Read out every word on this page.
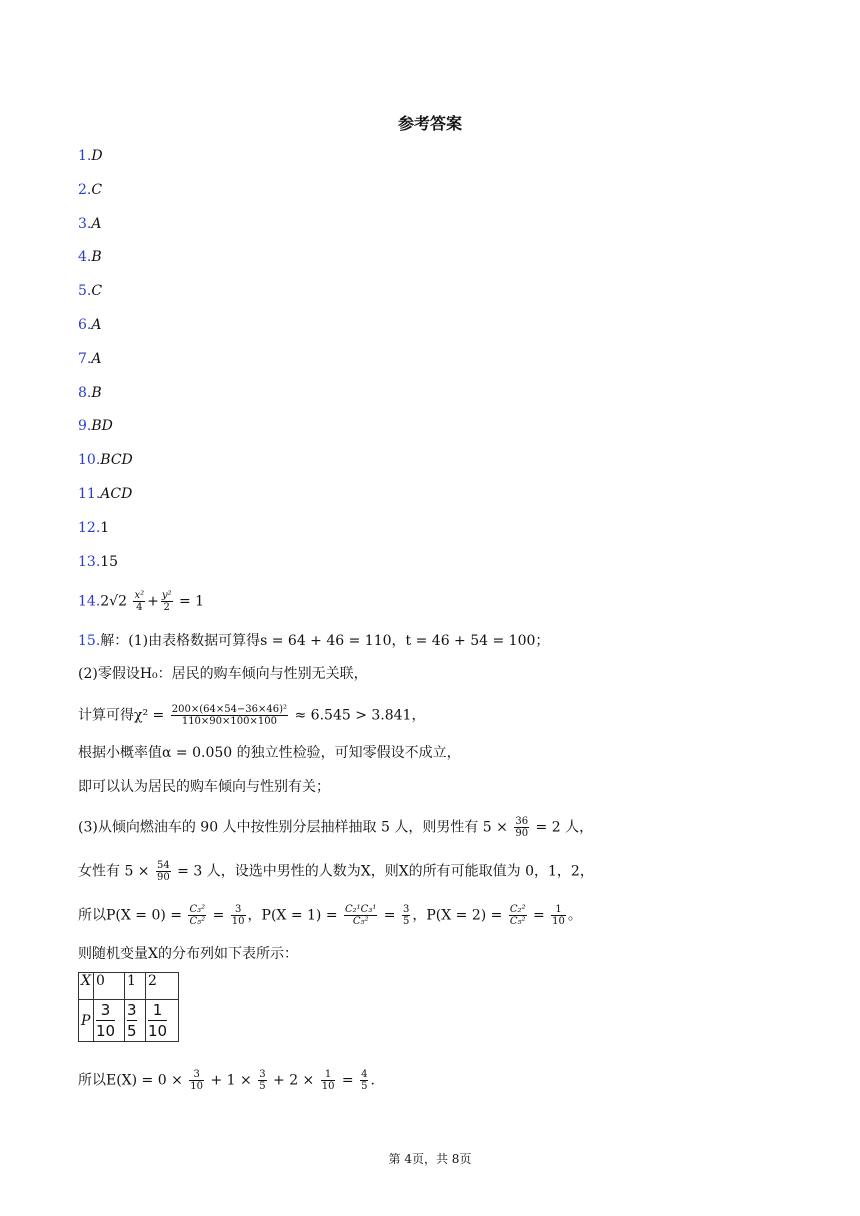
参考答案
1.D
2.C
3.A
4.B
5.C
6.A
7.A
8.B
9.BD
10.BCD
11.ACD
12.1
13.15
$14.2√2 \frac{\text{x²}}{4} + \frac{\text{y²}}{2} = 1$
15.解：(1)由表格数据可算得s = 64 + 46 = 110，t = 46 + 54 = 100；
(2)零假设H₀：居民的购车倾向与性别无关联，
计算可得$\chi^2 = \frac{\text{200×(64×54−36×46)²}}{110\times 90\times 100\times 100} \approx 6.545 > 3.841$，
根据小概率值α = 0.050 的独立性检验，可知零假设不成立，
即可以认为居民的购车倾向与性别有关；
(3)从倾向燃油车的 90 人中按性别分层抽样抽取 5 人，则男性有 $5 \times \frac{36}{90} = 2$ 人，
女性有 $5 \times \frac{54}{90} = 3$ 人，设选中男性的人数为X，则X的所有可能取值为 0，1，2，
所以$P(X = 0) = \frac{\text{C₃²}}{\text{C₅²}} = \frac{3}{10}$ ，$P(X = 1) = \frac{\text{C₂¹C₃¹}}{\text{C₅²}} = \frac{3}{5}$ ，$P(X = 2) = \frac{\text{C₂²}}{\text{C₅²}} = \frac{1}{10}$ 。
则随机变量X的分布列如下表所示：
X	0	1	2
P	$\frac{3}{10}$	$\frac{3}{5}$	$\frac{1}{10}$
所以$E(X) = 0 \times \frac{3}{10} + 1 \times \frac{3}{5} + 2 \times \frac{1}{10} = \frac{4}{5}$ .
第 4页，共 8页
